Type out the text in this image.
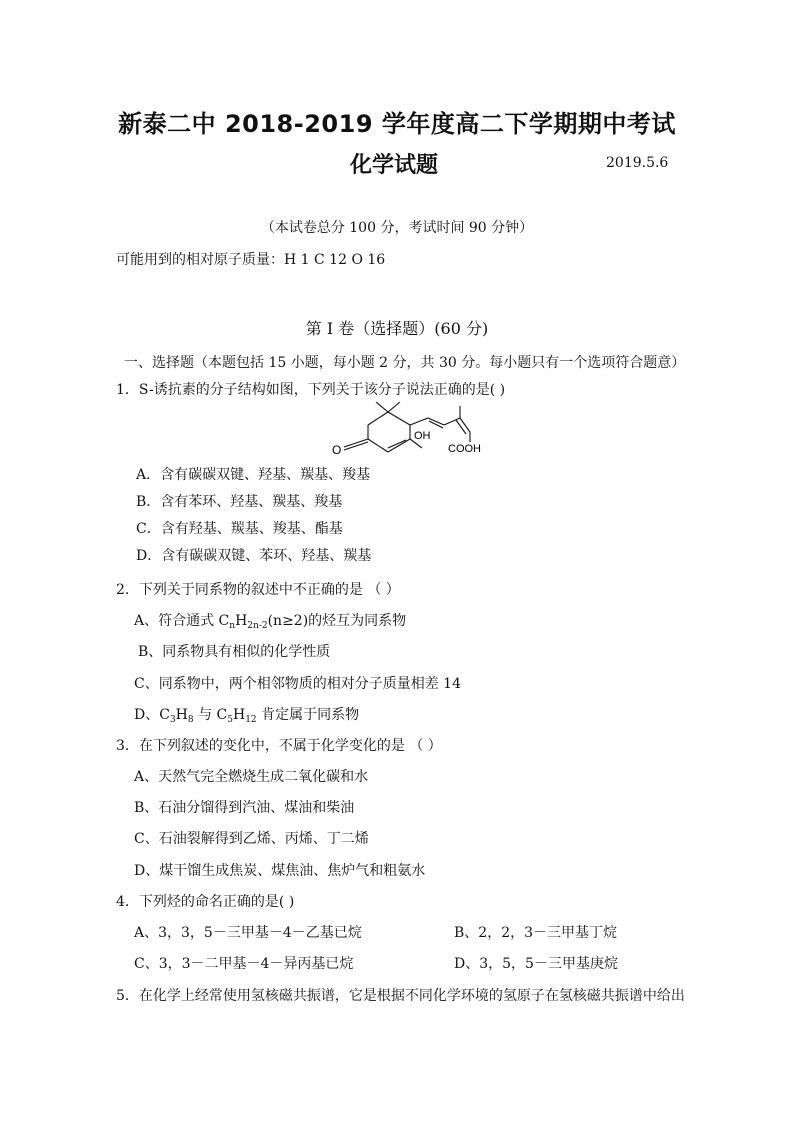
新泰二中 2018-2019 学年度高二下学期期中考试
化学试题	2019.5.6
（本试卷总分 100 分，考试时间 90 分钟）
可能用到的相对原子质量：H 1 C 12 O 16
第 I 卷（选择题）(60 分)
一、选择题（本题包括 15 小题，每小题 2 分，共 30 分。每小题只有一个选项符合题意）
1．S-诱抗素的分子结构如图，下列关于该分子说法正确的是( )
OH
COOH
O
A．含有碳碳双键、羟基、羰基、羧基
B．含有苯环、羟基、羰基、羧基
C．含有羟基、羰基、羧基、酯基
D．含有碳碳双键、苯环、羟基、羰基
2．下列关于同系物的叙述中不正确的是 （ ）
A、符合通式 $C_nH_{2n-2}(n\ge 2)$的烃互为同系物
B、同系物具有相似的化学性质
C、同系物中，两个相邻物质的相对分子质量相差 14
D、$C_3H_8$ 与 $C_5H_{12}$ 肯定属于同系物
3．在下列叙述的变化中，不属于化学变化的是 （ ）
A、天然气完全燃烧生成二氧化碳和水
B、石油分馏得到汽油、煤油和柴油
C、石油裂解得到乙烯、丙烯、丁二烯
D、煤干馏生成焦炭、煤焦油、焦炉气和粗氨水
4．下列烃的命名正确的是( )
A、3，3，5－三甲基－4－乙基已烷	B、2，2，3－三甲基丁烷
C、3，3－二甲基－4－异丙基已烷	D、3，5，5－三甲基庚烷
5．在化学上经常使用氢核磁共振谱，它是根据不同化学环境的氢原子在氢核磁共振谱中给出
